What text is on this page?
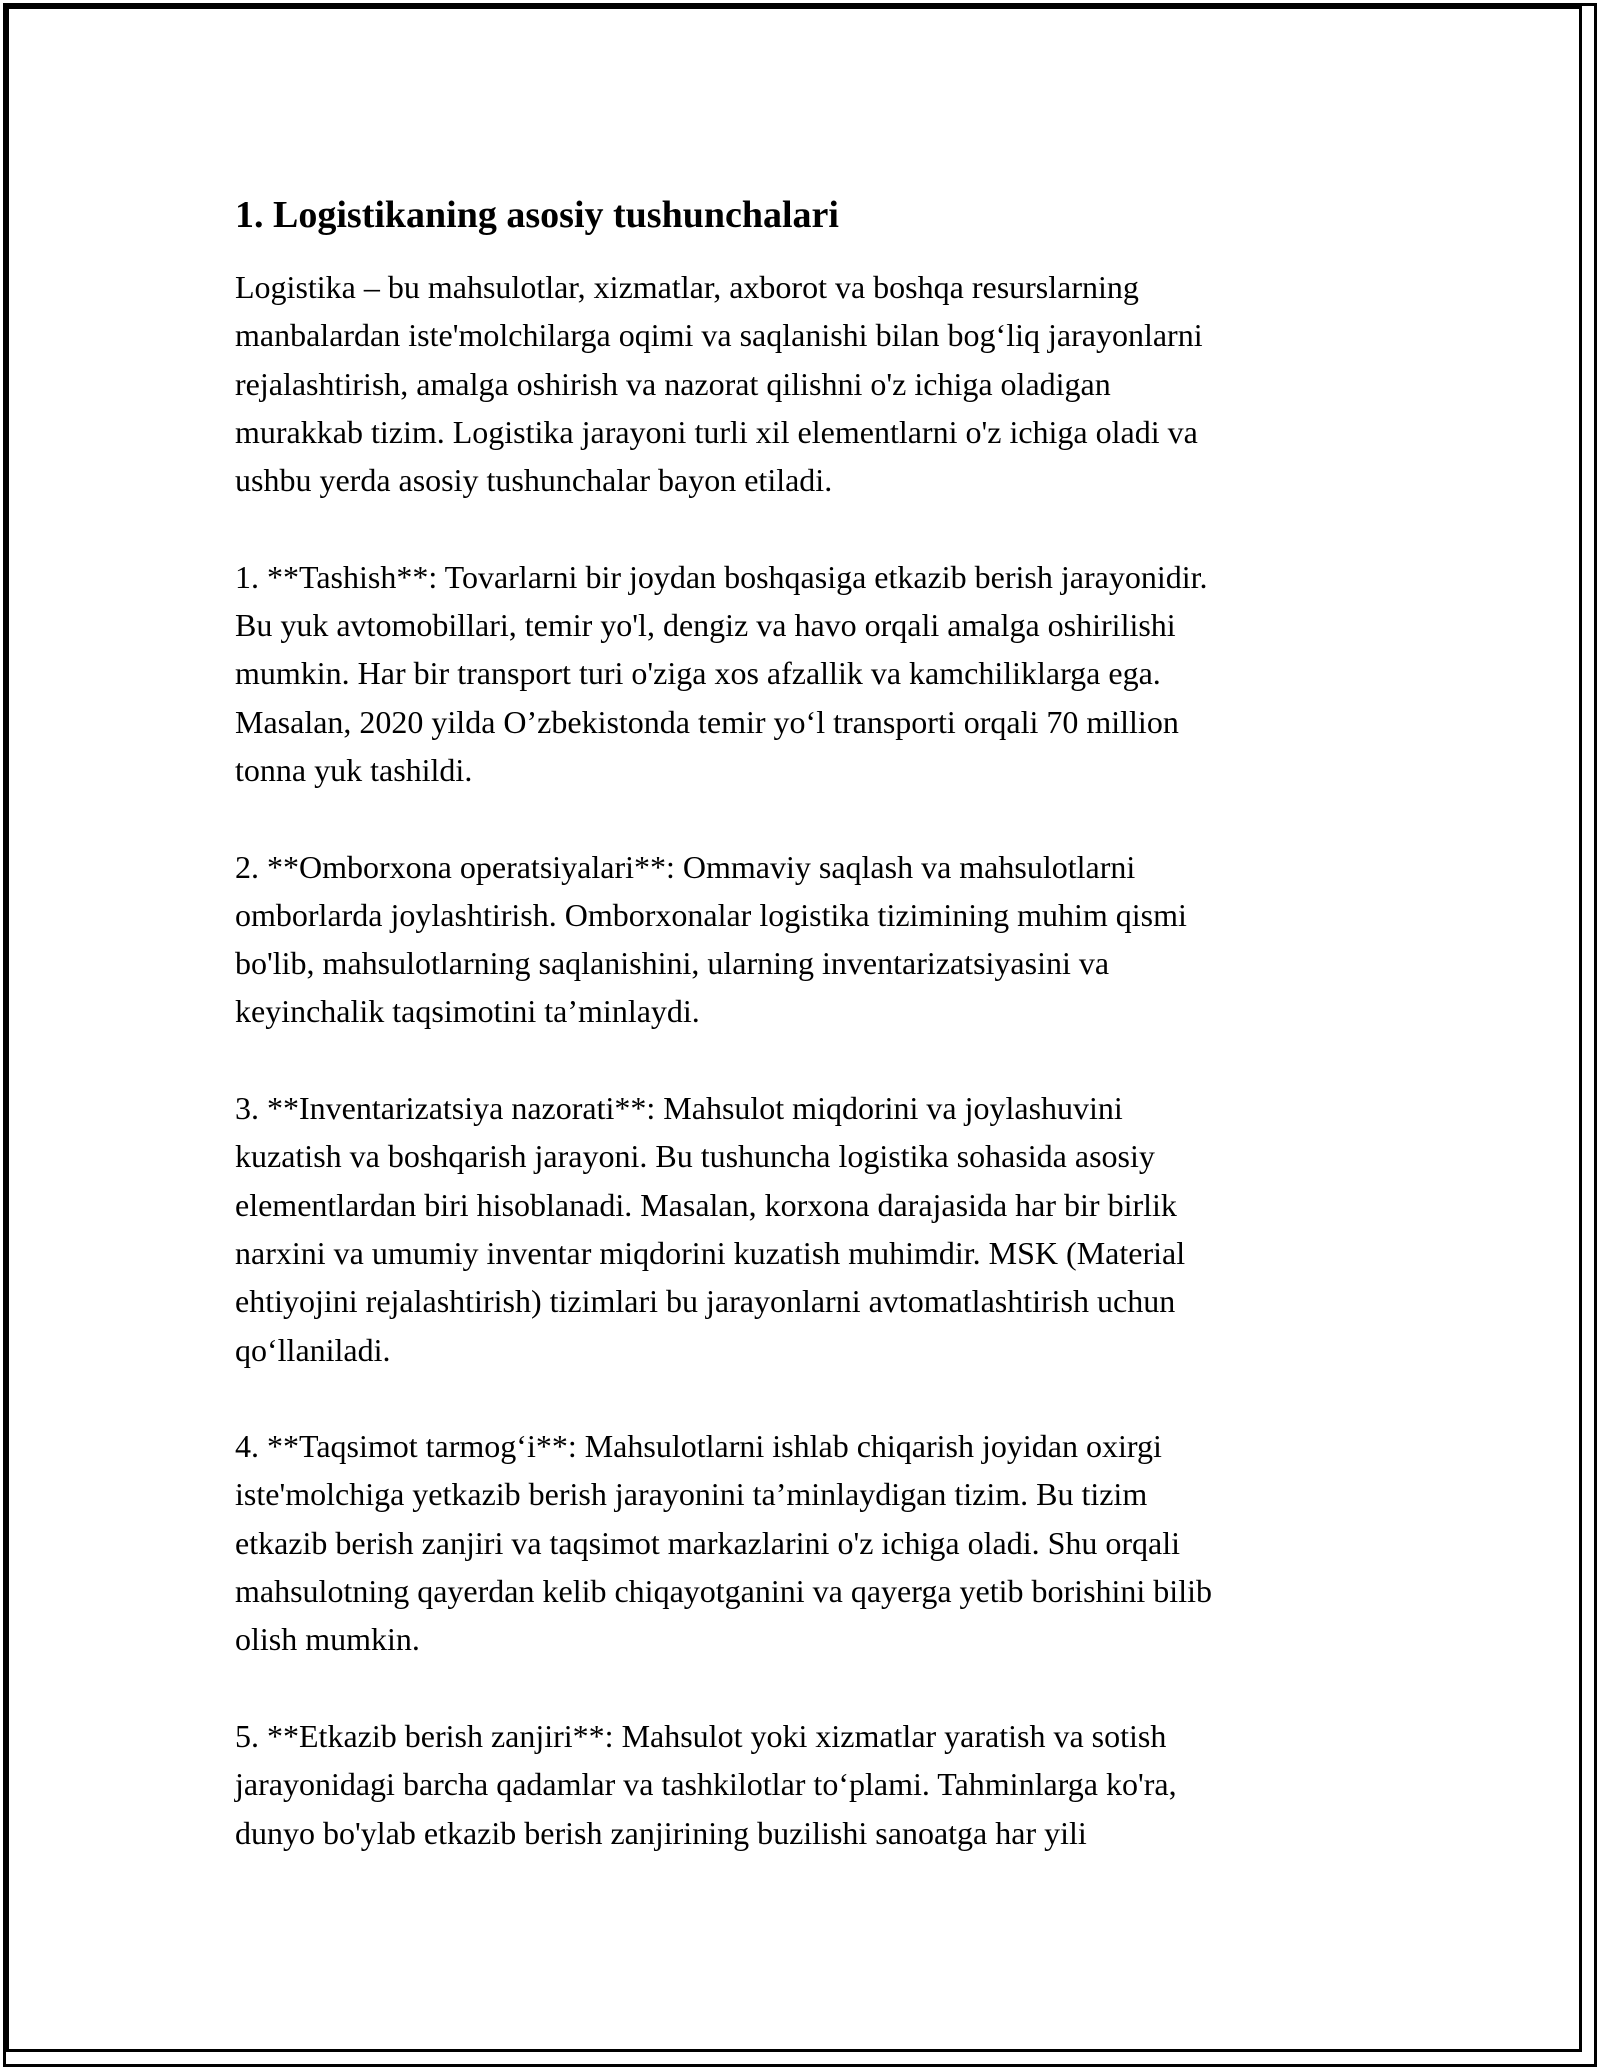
1. Logistikaning asosiy tushunchalari

Logistika – bu mahsulotlar, xizmatlar, axborot va boshqa resurslarning
manbalardan iste'molchilarga oqimi va saqlanishi bilan bog‘liq jarayonlarni
rejalashtirish, amalga oshirish va nazorat qilishni o'z ichiga oladigan
murakkab tizim. Logistika jarayoni turli xil elementlarni o'z ichiga oladi va
ushbu yerda asosiy tushunchalar bayon etiladi.

1. **Tashish**: Tovarlarni bir joydan boshqasiga etkazib berish jarayonidir.
Bu yuk avtomobillari, temir yo'l, dengiz va havo orqali amalga oshirilishi
mumkin. Har bir transport turi o'ziga xos afzallik va kamchiliklarga ega.
Masalan, 2020 yilda O’zbekistonda temir yo‘l transporti orqali 70 million
tonna yuk tashildi.

2. **Omborxona operatsiyalari**: Ommaviy saqlash va mahsulotlarni
omborlarda joylashtirish. Omborxonalar logistika tizimining muhim qismi
bo'lib, mahsulotlarning saqlanishini, ularning inventarizatsiyasini va
keyinchalik taqsimotini ta’minlaydi.

3. **Inventarizatsiya nazorati**: Mahsulot miqdorini va joylashuvini
kuzatish va boshqarish jarayoni. Bu tushuncha logistika sohasida asosiy
elementlardan biri hisoblanadi. Masalan, korxona darajasida har bir birlik
narxini va umumiy inventar miqdorini kuzatish muhimdir. MSK (Material
ehtiyojini rejalashtirish) tizimlari bu jarayonlarni avtomatlashtirish uchun
qo‘llaniladi.

4. **Taqsimot tarmog‘i**: Mahsulotlarni ishlab chiqarish joyidan oxirgi
iste'molchiga yetkazib berish jarayonini ta’minlaydigan tizim. Bu tizim
etkazib berish zanjiri va taqsimot markazlarini o'z ichiga oladi. Shu orqali
mahsulotning qayerdan kelib chiqayotganini va qayerga yetib borishini bilib
olish mumkin.

5. **Etkazib berish zanjiri**: Mahsulot yoki xizmatlar yaratish va sotish
jarayonidagi barcha qadamlar va tashkilotlar to‘plami. Tahminlarga ko'ra,
dunyo bo'ylab etkazib berish zanjirining buzilishi sanoatga har yili
